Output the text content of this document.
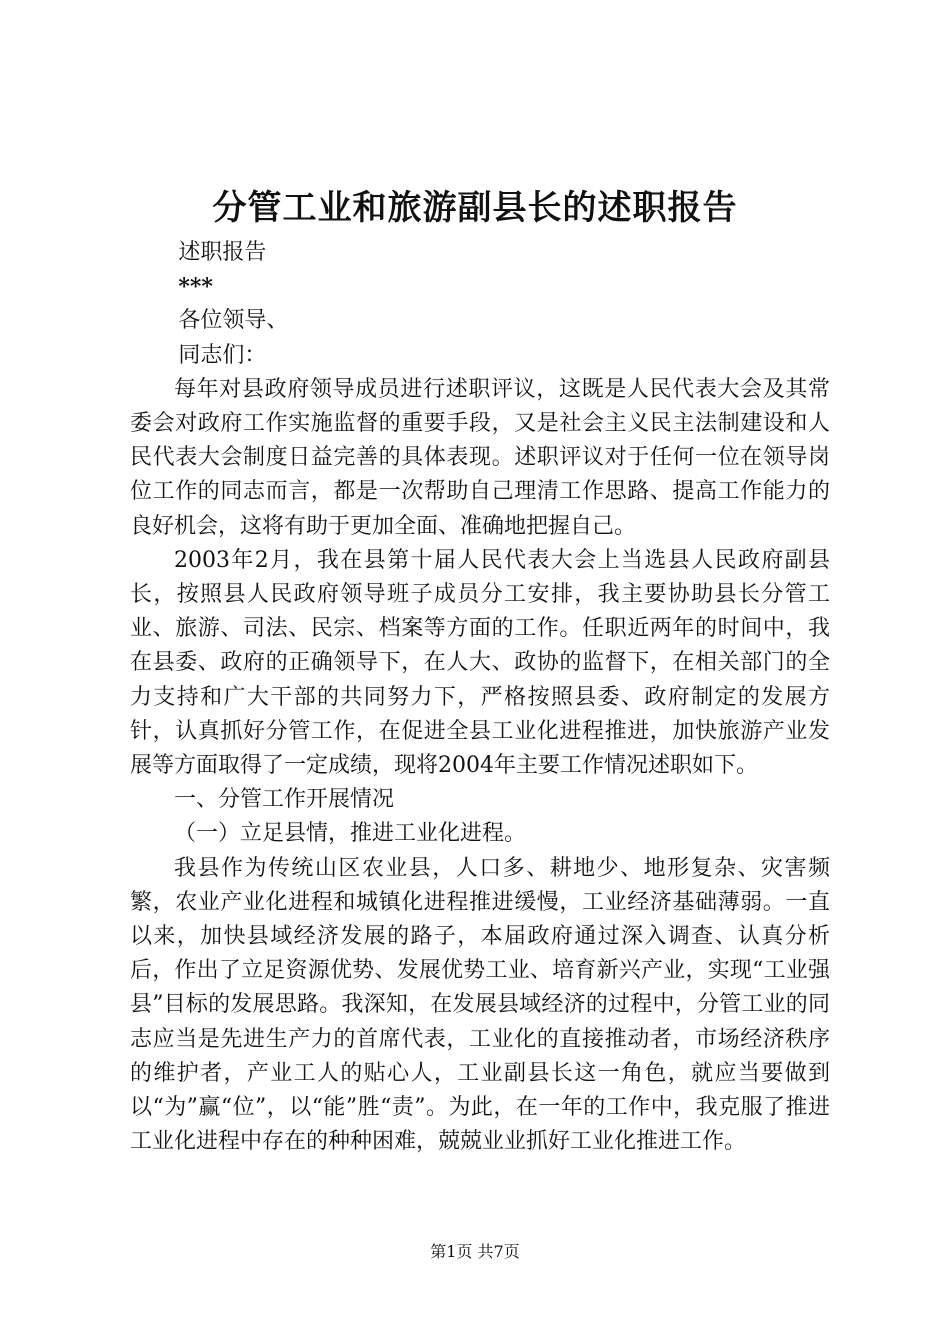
分管工业和旅游副县长的述职报告

述职报告

***

各位领导、

同志们：

每年对县政府领导成员进行述职评议，这既是人民代表大会及其常委会对政府工作实施监督的重要手段，又是社会主义民主法制建设和人民代表大会制度日益完善的具体表现。述职评议对于任何一位在领导岗位工作的同志而言，都是一次帮助自己理清工作思路、提高工作能力的良好机会，这将有助于更加全面、准确地把握自己。

2003年2月，我在县第十届人民代表大会上当选县人民政府副县长，按照县人民政府领导班子成员分工安排，我主要协助县长分管工业、旅游、司法、民宗、档案等方面的工作。任职近两年的时间中，我在县委、政府的正确领导下，在人大、政协的监督下，在相关部门的全力支持和广大干部的共同努力下，严格按照县委、政府制定的发展方针，认真抓好分管工作，在促进全县工业化进程推进，加快旅游产业发展等方面取得了一定成绩，现将2004年主要工作情况述职如下。

一、分管工作开展情况

（一）立足县情，推进工业化进程。

我县作为传统山区农业县，人口多、耕地少、地形复杂、灾害频繁，农业产业化进程和城镇化进程推进缓慢，工业经济基础薄弱。一直以来，加快县域经济发展的路子，本届政府通过深入调查、认真分析后，作出了立足资源优势、发展优势工业、培育新兴产业，实现“工业强县”目标的发展思路。我深知，在发展县域经济的过程中，分管工业的同志应当是先进生产力的首席代表，工业化的直接推动者，市场经济秩序的维护者，产业工人的贴心人，工业副县长这一角色，就应当要做到以“为”赢“位”，以“能”胜“责”。为此，在一年的工作中，我克服了推进工业化进程中存在的种种困难，兢兢业业抓好工业化推进工作。

第1页 共7页
